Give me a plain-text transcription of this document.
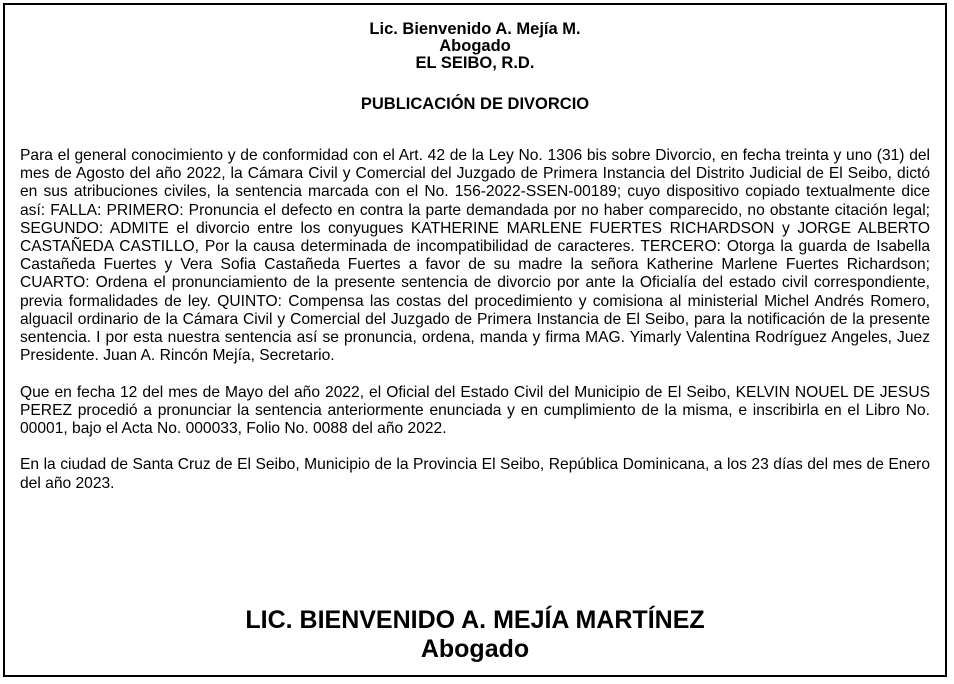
Lic. Bienvenido A. Mejía M.
Abogado
EL SEIBO, R.D.
PUBLICACIÓN DE DIVORCIO

Para el general conocimiento y de conformidad con el Art. 42 de la Ley No. 1306 bis sobre Divorcio, en fecha treinta y uno (31) del mes de Agosto del año 2022, la Cámara Civil y Comercial del Juzgado de Primera Instancia del Distrito Judicial de El Seibo, dictó en sus atribuciones civiles, la sentencia marcada con el No. 156-2022-SSEN-00189; cuyo dispositivo copiado textualmente dice así: FALLA: PRIMERO: Pronuncia el defecto en contra la parte demandada por no haber comparecido, no obstante citación legal; SEGUNDO: ADMITE el divorcio entre los conyugues KATHERINE MARLENE FUERTES RICHARDSON y JORGE ALBERTO CASTAÑEDA CASTILLO, Por la causa determinada de incompatibilidad de caracteres. TERCERO: Otorga la guarda de Isabella Castañeda Fuertes y Vera Sofia Castañeda Fuertes a favor de su madre la señora Katherine Marlene Fuertes Richardson; CUARTO: Ordena el pronunciamiento de la presente sentencia de divorcio por ante la Oficialía del estado civil correspondiente, previa formalidades de ley. QUINTO: Compensa las costas del procedimiento y comisiona al ministerial Michel Andrés Romero, alguacil ordinario de la Cámara Civil y Comercial del Juzgado de Primera Instancia de El Seibo, para la notificación de la presente sentencia. I por esta nuestra sentencia así se pronuncia, ordena, manda y firma MAG. Yimarly Valentina Rodríguez Angeles, Juez Presidente. Juan A. Rincón Mejía, Secretario.

Que en fecha 12 del mes de Mayo del año 2022, el Oficial del Estado Civil del Municipio de El Seibo, KELVIN NOUEL DE JESUS PEREZ procedió a pronunciar la sentencia anteriormente enunciada y en cumplimiento de la misma, e inscribirla en el Libro No. 00001, bajo el Acta No. 000033, Folio No. 0088 del año 2022.

En la ciudad de Santa Cruz de El Seibo, Municipio de la Provincia El Seibo, República Dominicana, a los 23 días del mes de Enero del año 2023.

LIC. BIENVENIDO A. MEJÍA MARTÍNEZ
Abogado
